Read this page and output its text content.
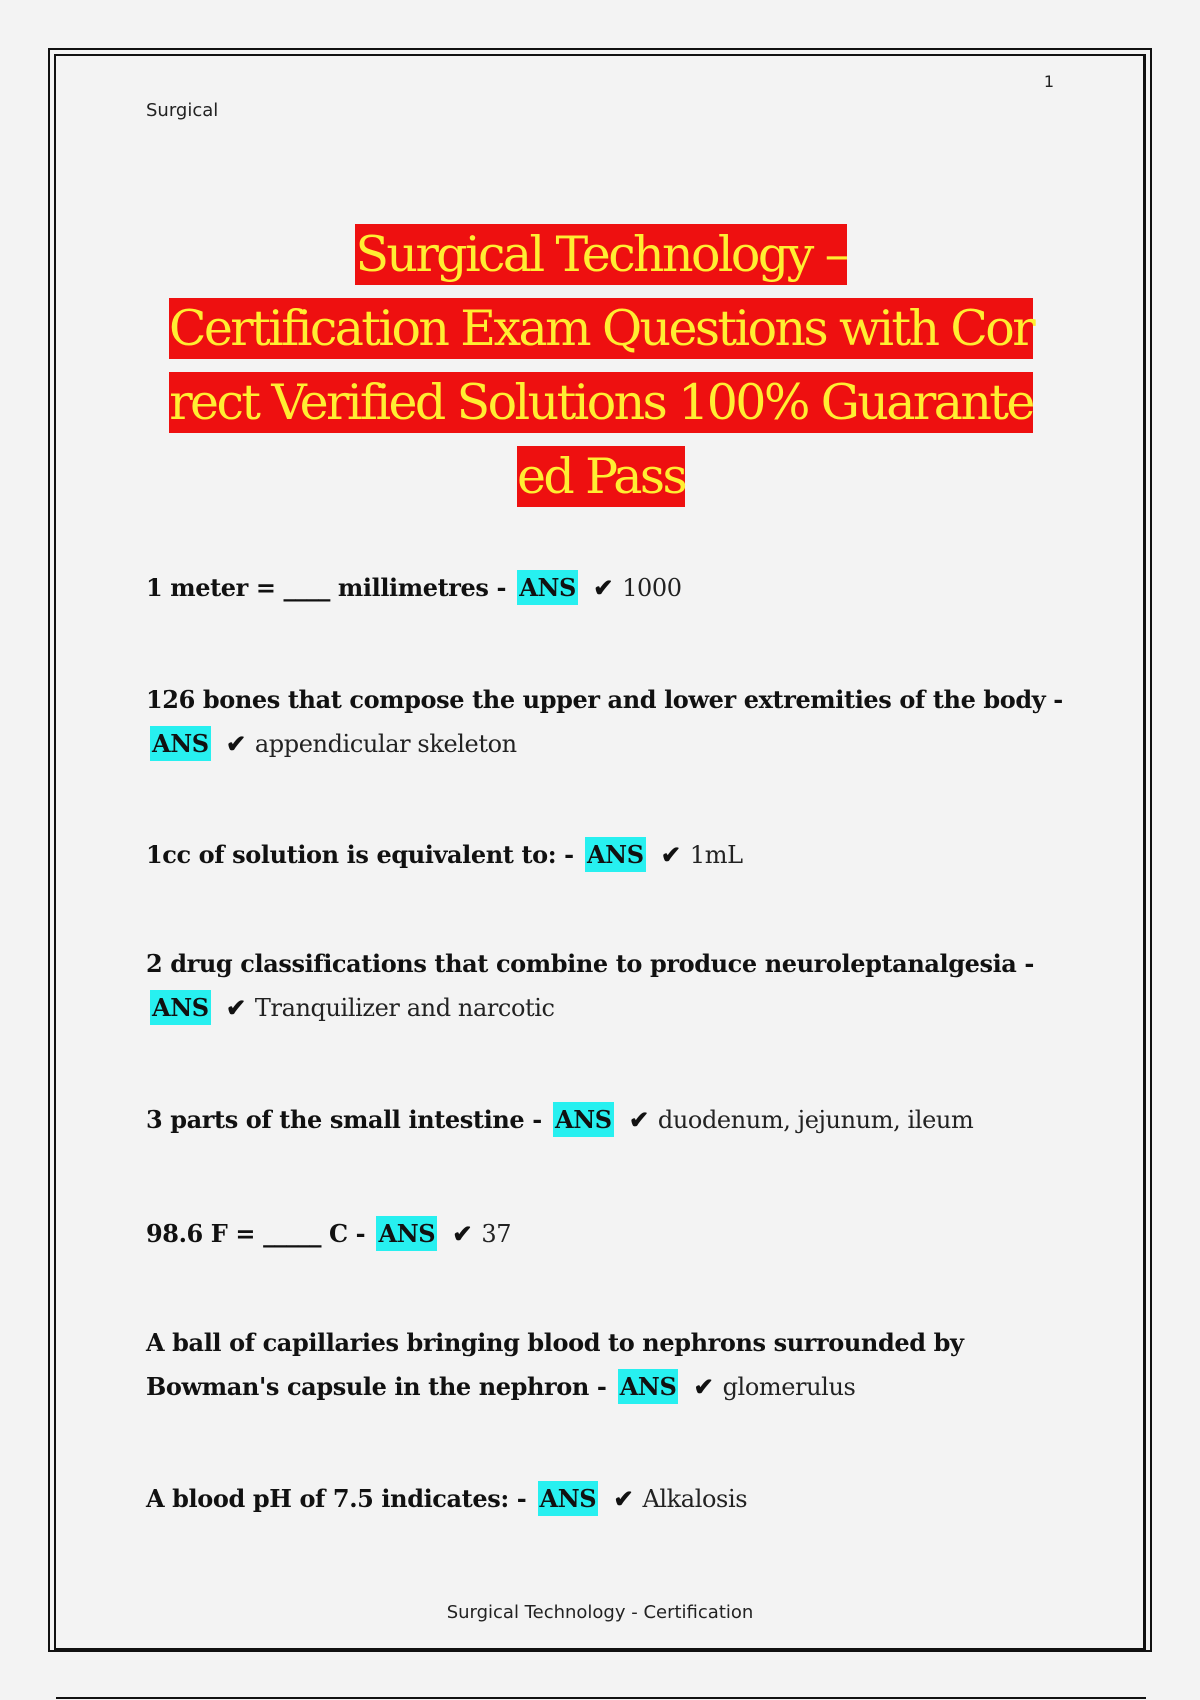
1
Surgical
Surgical Technology –
Certification Exam Questions with Cor
rect Verified Solutions 100% Guarante
ed Pass
1 meter = ____ millimetres - ANS ✔ 1000
126 bones that compose the upper and lower extremities of the body - ANS ✔ appendicular skeleton
1cc of solution is equivalent to: - ANS ✔ 1mL
2 drug classifications that combine to produce neuroleptanalgesia - ANS ✔ Tranquilizer and narcotic
3 parts of the small intestine - ANS ✔ duodenum, jejunum, ileum
98.6 F = _____ C - ANS ✔ 37
A ball of capillaries bringing blood to nephrons surrounded by Bowman's capsule in the nephron - ANS ✔ glomerulus
A blood pH of 7.5 indicates: - ANS ✔ Alkalosis
Surgical Technology - Certification
